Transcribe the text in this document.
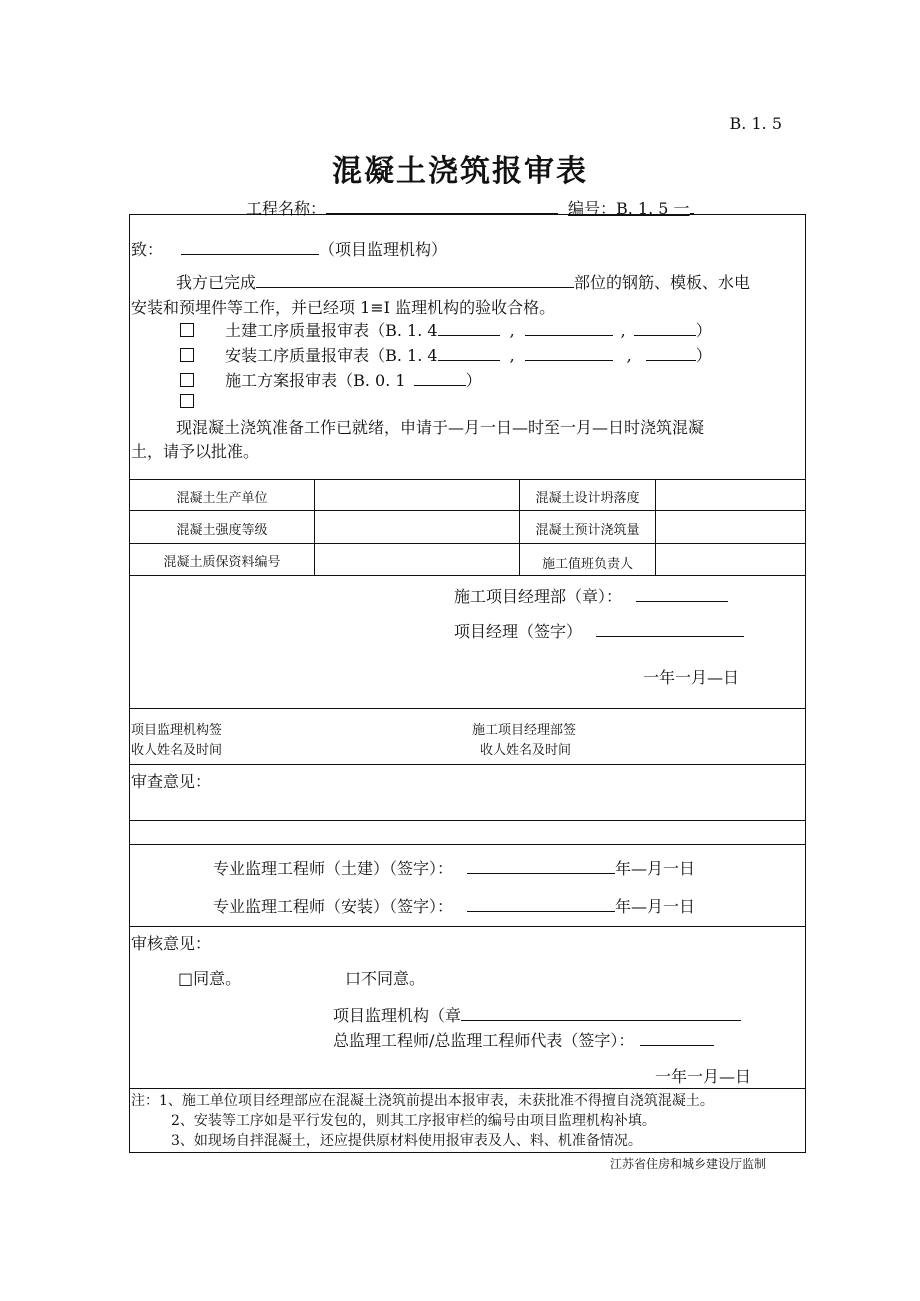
B. 1. 5
混凝土浇筑报审表
工程名称：	编号：B. 1. 5 一
致：	（项目监理机构）
我方已完成	部位的钢筋、模板、水电
安装和预埋件等工作，并已经项 1≡I 监理机构的验收合格。
土建工序质量报审表（B. 1. 4	,	,	）
安装工序质量报审表（B. 1. 4	,	,	）
施工方案报审表（B. 0. 1	）
现混凝土浇筑准备工作已就绪，申请于—月一日—时至一月—日时浇筑混凝
土，请予以批准。
混凝土生产单位	混凝土设计坍落度
混凝土强度等级	混凝土预计浇筑量
混凝土质保资料编号	施工值班负责人
施工项目经理部（章）：
项目经理（签字）
一年一月—日
项目监理机构签
收人姓名及时间
施工项目经理部签
收人姓名及时间
审查意见：
专业监理工程师（土建）（签字）：	年—月一日
专业监理工程师（安装）（签字）：	年—月一日
审核意见：
□同意。	口不同意。
项目监理机构（章
总监理工程师/总监理工程师代表（签字）：
一年一月—日
注：1、施工单位项目经理部应在混凝土浇筑前提出本报审表，未获批准不得擅自浇筑混凝土。
2、安装等工序如是平行发包的，则其工序报审栏的编号由项目监理机构补填。
3、如现场自拌混凝土，还应提供原材料使用报审表及人、料、机准备情况。
江苏省住房和城乡建设厅监制
